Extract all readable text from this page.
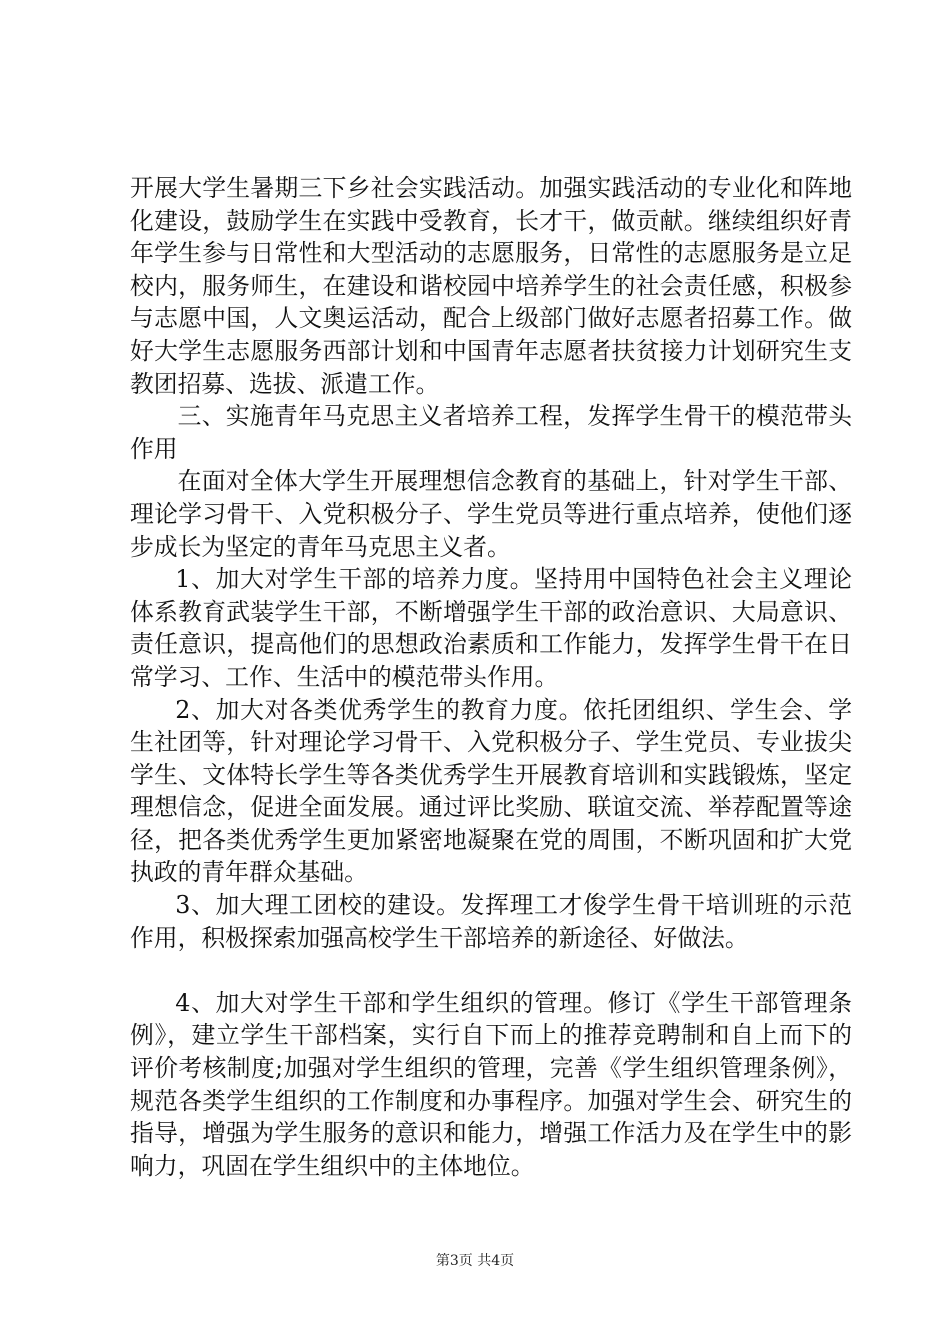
开展大学生暑期三下乡社会实践活动。加强实践活动的专业化和阵地化建设，鼓励学生在实践中受教育，长才干，做贡献。继续组织好青年学生参与日常性和大型活动的志愿服务，日常性的志愿服务是立足校内，服务师生，在建设和谐校园中培养学生的社会责任感，积极参与志愿中国，人文奥运活动，配合上级部门做好志愿者招募工作。做好大学生志愿服务西部计划和中国青年志愿者扶贫接力计划研究生支教团招募、选拔、派遣工作。

三、实施青年马克思主义者培养工程，发挥学生骨干的模范带头作用

在面对全体大学生开展理想信念教育的基础上，针对学生干部、理论学习骨干、入党积极分子、学生党员等进行重点培养，使他们逐步成长为坚定的青年马克思主义者。

1、加大对学生干部的培养力度。坚持用中国特色社会主义理论体系教育武装学生干部，不断增强学生干部的政治意识、大局意识、责任意识，提高他们的思想政治素质和工作能力，发挥学生骨干在日常学习、工作、生活中的模范带头作用。

2、加大对各类优秀学生的教育力度。依托团组织、学生会、学生社团等，针对理论学习骨干、入党积极分子、学生党员、专业拔尖学生、文体特长学生等各类优秀学生开展教育培训和实践锻炼，坚定理想信念，促进全面发展。通过评比奖励、联谊交流、举荐配置等途径，把各类优秀学生更加紧密地凝聚在党的周围，不断巩固和扩大党执政的青年群众基础。

3、加大理工团校的建设。发挥理工才俊学生骨干培训班的示范作用，积极探索加强高校学生干部培养的新途径、好做法。

4、加大对学生干部和学生组织的管理。修订《学生干部管理条例》，建立学生干部档案，实行自下而上的推荐竞聘制和自上而下的评价考核制度;加强对学生组织的管理，完善《学生组织管理条例》，规范各类学生组织的工作制度和办事程序。加强对学生会、研究生的指导，增强为学生服务的意识和能力，增强工作活力及在学生中的影响力，巩固在学生组织中的主体地位。

第3页 共4页
